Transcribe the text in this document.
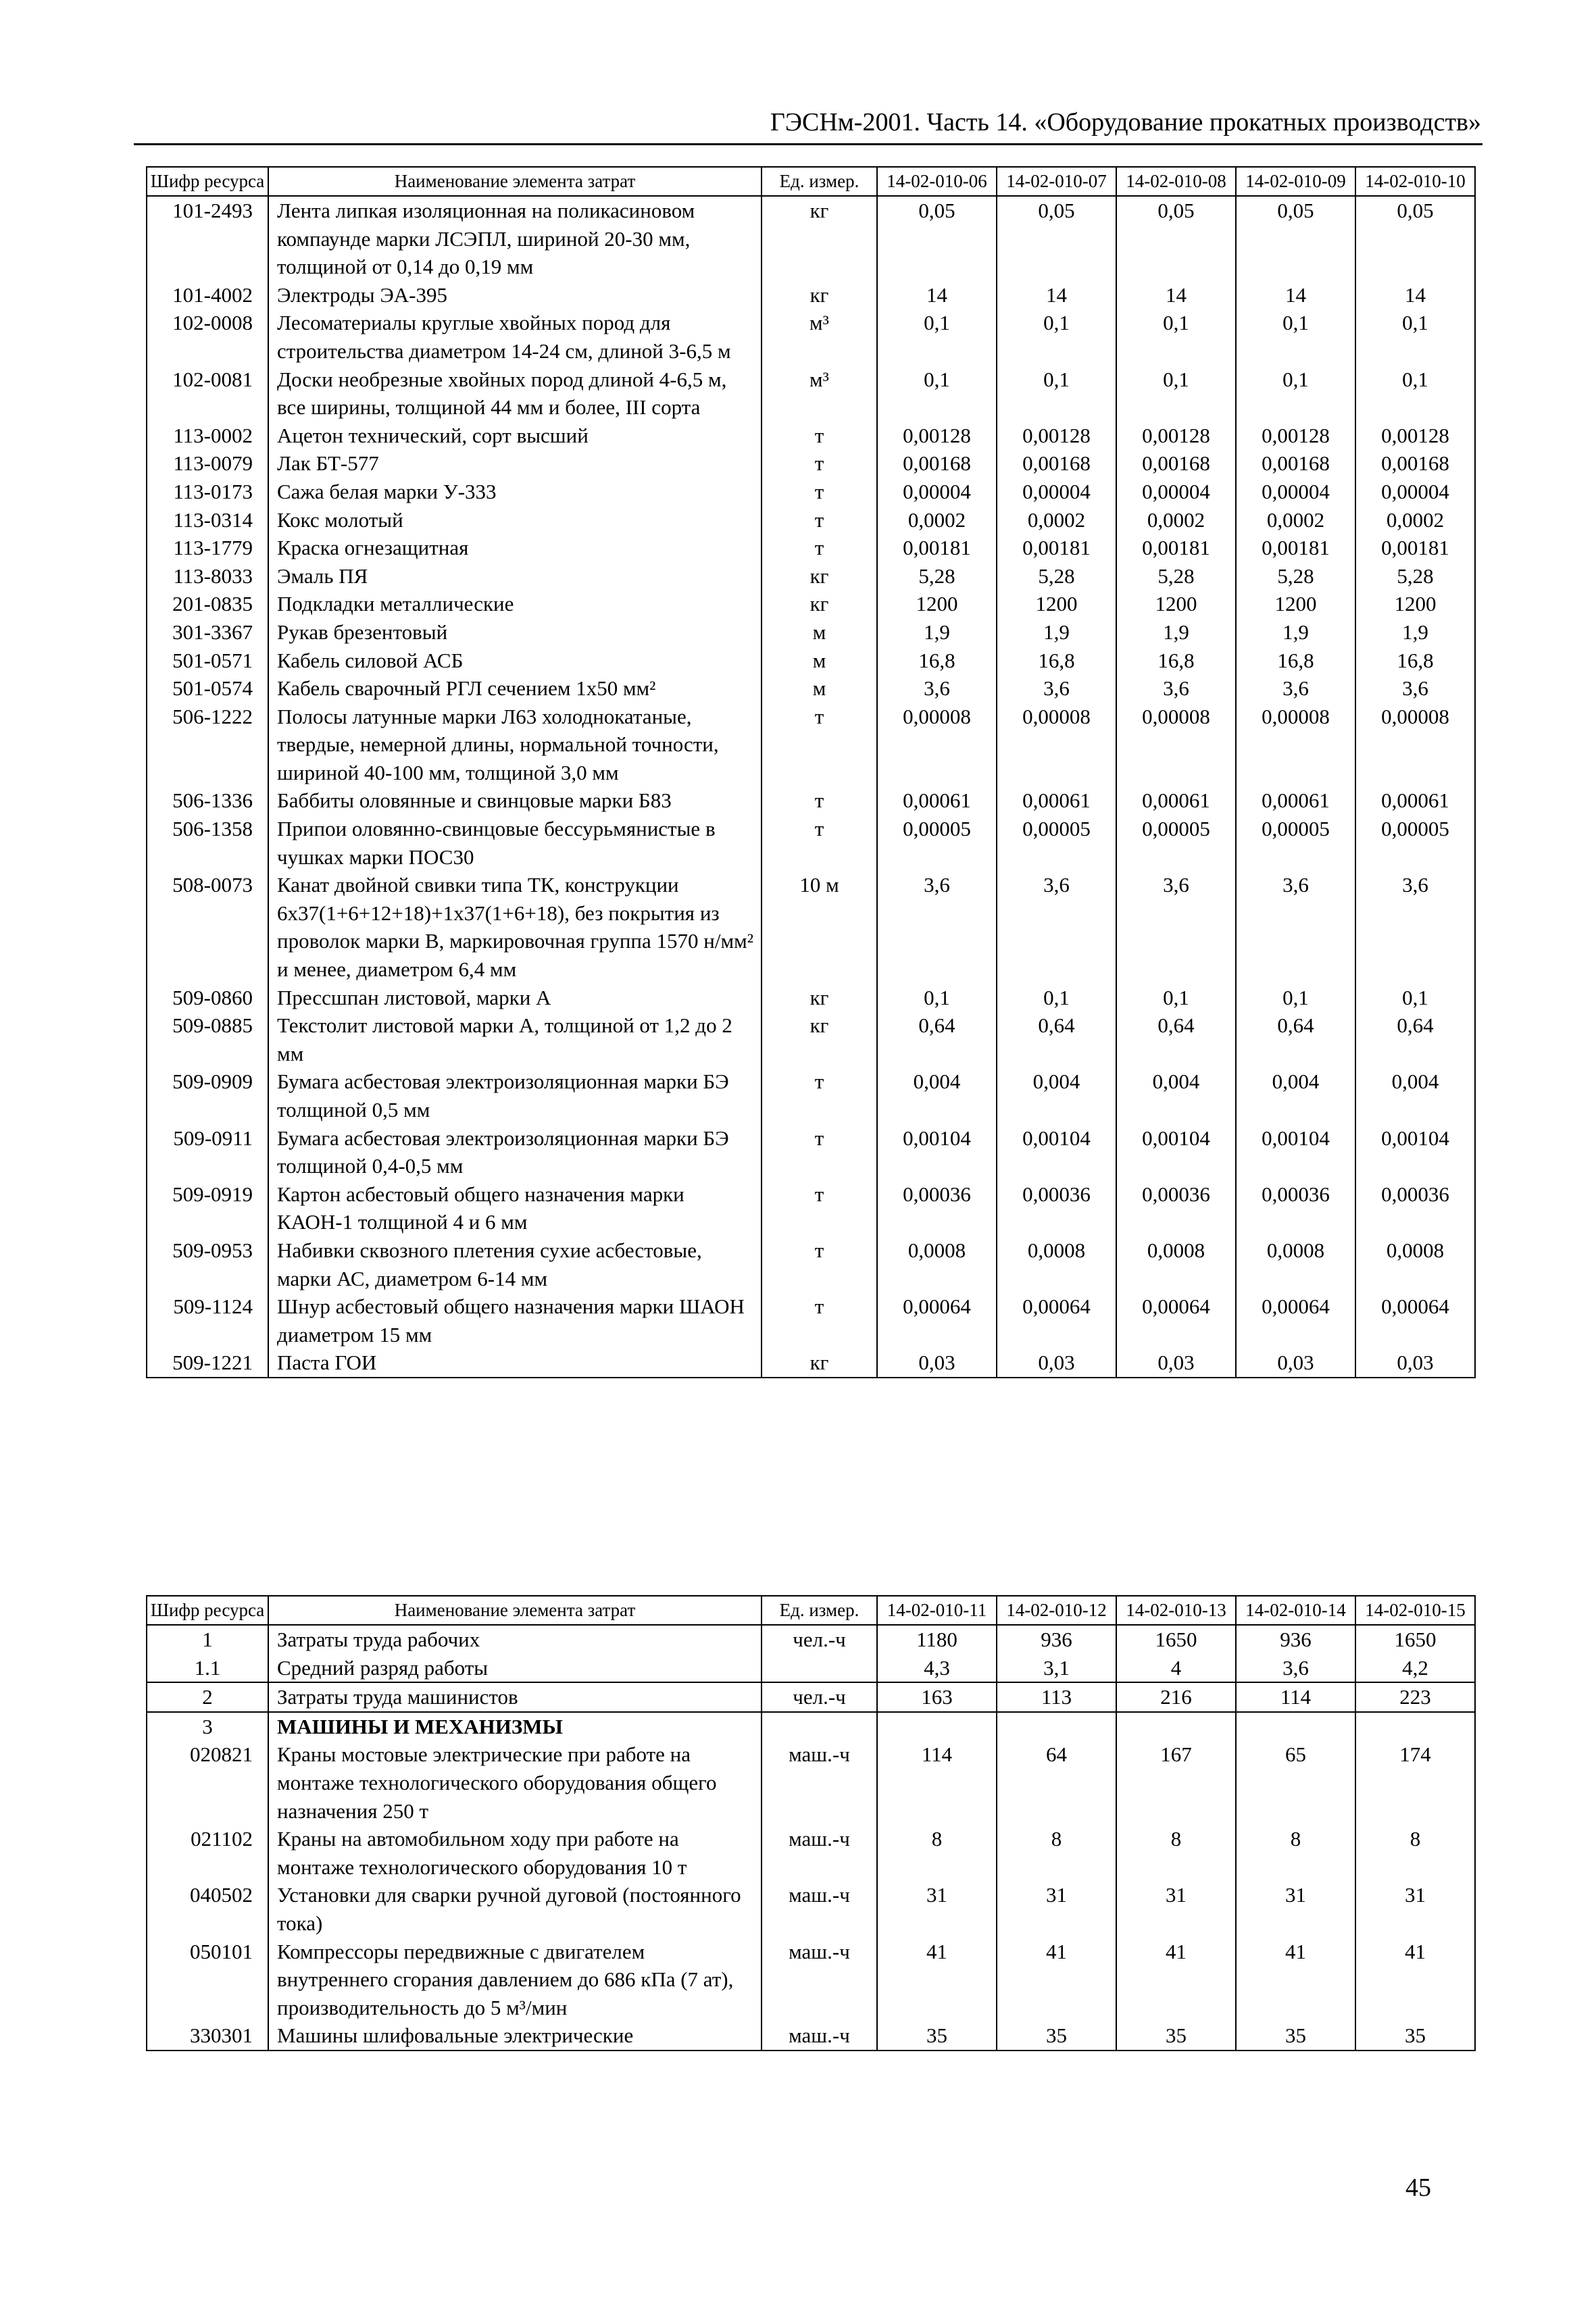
ГЭСНм-2001. Часть 14. «Оборудование прокатных производств»
Шифр ресурса	Наименование элемента затрат	Ед. измер.	14-02-010-06	14-02-010-07	14-02-010-08	14-02-010-09	14-02-010-10
101-2493	Лента липкая изоляционная на поликасиновом компаунде марки ЛСЭПЛ, шириной 20-30 мм, толщиной от 0,14 до 0,19 мм	кг	0,05	0,05	0,05	0,05	0,05
101-4002	Электроды ЭА-395	кг	14	14	14	14	14
102-0008	Лесоматериалы круглые хвойных пород для строительства диаметром 14-24 см, длиной 3-6,5 м	м³	0,1	0,1	0,1	0,1	0,1
102-0081	Доски необрезные хвойных пород длиной 4-6,5 м, все ширины, толщиной 44 мм и более, III сорта	м³	0,1	0,1	0,1	0,1	0,1
113-0002	Ацетон технический, сорт высший	т	0,00128	0,00128	0,00128	0,00128	0,00128
113-0079	Лак БТ-577	т	0,00168	0,00168	0,00168	0,00168	0,00168
113-0173	Сажа белая марки У-333	т	0,00004	0,00004	0,00004	0,00004	0,00004
113-0314	Кокс молотый	т	0,0002	0,0002	0,0002	0,0002	0,0002
113-1779	Краска огнезащитная	т	0,00181	0,00181	0,00181	0,00181	0,00181
113-8033	Эмаль ПЯ	кг	5,28	5,28	5,28	5,28	5,28
201-0835	Подкладки металлические	кг	1200	1200	1200	1200	1200
301-3367	Рукав брезентовый	м	1,9	1,9	1,9	1,9	1,9
501-0571	Кабель силовой АСБ	м	16,8	16,8	16,8	16,8	16,8
501-0574	Кабель сварочный РГЛ сечением 1х50 мм²	м	3,6	3,6	3,6	3,6	3,6
506-1222	Полосы латунные марки Л63 холоднокатаные, твердые, немерной длины, нормальной точности, шириной 40-100 мм, толщиной 3,0 мм	т	0,00008	0,00008	0,00008	0,00008	0,00008
506-1336	Баббиты оловянные и свинцовые марки Б83	т	0,00061	0,00061	0,00061	0,00061	0,00061
506-1358	Припои оловянно-свинцовые бессурьмянистые в чушках марки ПОС30	т	0,00005	0,00005	0,00005	0,00005	0,00005
508-0073	Канат двойной свивки типа ТК, конструкции 6х37(1+6+12+18)+1х37(1+6+18), без покрытия из проволок марки В, маркировочная группа 1570 н/мм² и менее, диаметром 6,4 мм	10 м	3,6	3,6	3,6	3,6	3,6
509-0860	Прессшпан листовой, марки А	кг	0,1	0,1	0,1	0,1	0,1
509-0885	Текстолит листовой марки А, толщиной от 1,2 до 2 мм	кг	0,64	0,64	0,64	0,64	0,64
509-0909	Бумага асбестовая электроизоляционная марки БЭ толщиной 0,5 мм	т	0,004	0,004	0,004	0,004	0,004
509-0911	Бумага асбестовая электроизоляционная марки БЭ толщиной 0,4-0,5 мм	т	0,00104	0,00104	0,00104	0,00104	0,00104
509-0919	Картон асбестовый общего назначения марки КАОН-1 толщиной 4 и 6 мм	т	0,00036	0,00036	0,00036	0,00036	0,00036
509-0953	Набивки сквозного плетения сухие асбестовые, марки АС, диаметром 6-14 мм	т	0,0008	0,0008	0,0008	0,0008	0,0008
509-1124	Шнур асбестовый общего назначения марки ШАОН диаметром 15 мм	т	0,00064	0,00064	0,00064	0,00064	0,00064
509-1221	Паста ГОИ	кг	0,03	0,03	0,03	0,03	0,03
Шифр ресурса	Наименование элемента затрат	Ед. измер.	14-02-010-11	14-02-010-12	14-02-010-13	14-02-010-14	14-02-010-15
1	Затраты труда рабочих	чел.-ч	1180	936	1650	936	1650
1.1	Средний разряд работы		4,3	3,1	4	3,6	4,2
2	Затраты труда машинистов	чел.-ч	163	113	216	114	223
3	МАШИНЫ И МЕХАНИЗМЫ						
020821	Краны мостовые электрические при работе на монтаже технологического оборудования общего назначения 250 т	маш.-ч	114	64	167	65	174
021102	Краны на автомобильном ходу при работе на монтаже технологического оборудования 10 т	маш.-ч	8	8	8	8	8
040502	Установки для сварки ручной дуговой (постоянного тока)	маш.-ч	31	31	31	31	31
050101	Компрессоры передвижные с двигателем внутреннего сгорания давлением до 686 кПа (7 ат), производительность до 5 м³/мин	маш.-ч	41	41	41	41	41
330301	Машины шлифовальные электрические	маш.-ч	35	35	35	35	35
45
